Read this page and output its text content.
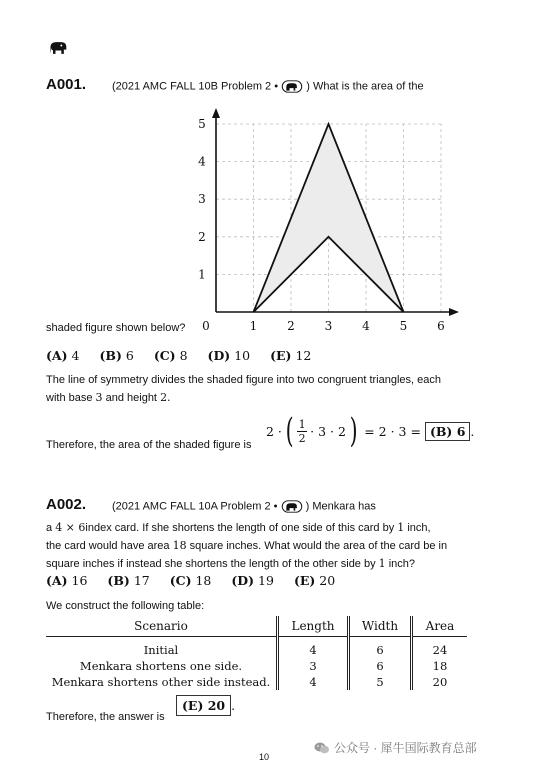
A001. (2021 AMC FALL 10B Problem 2 •	) What is the area of the
0	1 2 3 4 5 6
1
2
3
4
5
shaded figure shown below?
(A) 4 (B) 6 (C) 8 (D) 10 (E) 12
The line of symmetry divides the shaded figure into two congruent triangles, each
with base 3 and height 2.
Therefore, the area of the shaded figure is
2 · ( 1
2 · 3 · 2 ) = 2 · 3 = (B) 6 .
A002. (2021 AMC FALL 10A Problem 2 •	) Menkara has
a 4 × 6index card. If she shortens the length of one side of this card by 1 inch,
the card would have area 18 square inches. What would the area of the card be in
square inches if instead she shortens the length of the other side by 1 inch?
(A) 16 (B) 17 (C) 18 (D) 19 (E) 20
We construct the following table:
Scenario	Length	Width	Area
Initial	4	6	24
Menkara shortens one side.	3	6	18
Menkara shortens other side instead.	4	5	20
Therefore, the answer is
(E) 20 .
10
公众号 · 犀牛国际教育总部
